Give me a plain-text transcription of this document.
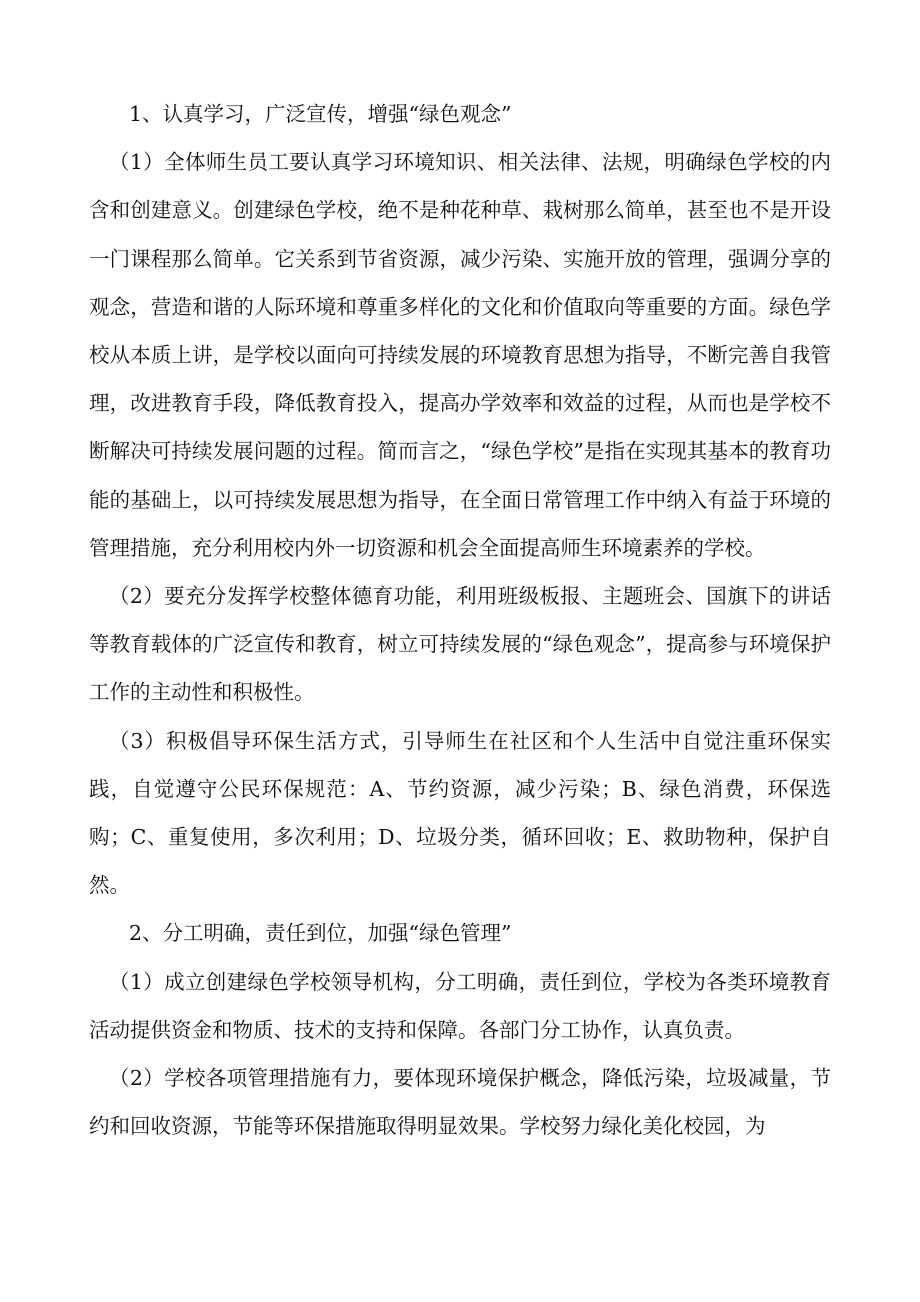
1、认真学习，广泛宣传，增强“绿色观念”

（1）全体师生员工要认真学习环境知识、相关法律、法规，明确绿色学校的内含和创建意义。创建绿色学校，绝不是种花种草、栽树那么简单，甚至也不是开设一门课程那么简单。它关系到节省资源，减少污染、实施开放的管理，强调分享的观念，营造和谐的人际环境和尊重多样化的文化和价值取向等重要的方面。绿色学校从本质上讲，是学校以面向可持续发展的环境教育思想为指导，不断完善自我管理，改进教育手段，降低教育投入，提高办学效率和效益的过程，从而也是学校不断解决可持续发展问题的过程。简而言之，“绿色学校”是指在实现其基本的教育功能的基础上，以可持续发展思想为指导，在全面日常管理工作中纳入有益于环境的管理措施，充分利用校内外一切资源和机会全面提高师生环境素养的学校。

（2）要充分发挥学校整体德育功能，利用班级板报、主题班会、国旗下的讲话等教育载体的广泛宣传和教育，树立可持续发展的“绿色观念”，提高参与环境保护工作的主动性和积极性。

（3）积极倡导环保生活方式，引导师生在社区和个人生活中自觉注重环保实践，自觉遵守公民环保规范：A、节约资源，减少污染；B、绿色消费，环保选购；C、重复使用，多次利用；D、垃圾分类，循环回收；E、救助物种，保护自然。

2、分工明确，责任到位，加强“绿色管理”

（1）成立创建绿色学校领导机构，分工明确，责任到位，学校为各类环境教育活动提供资金和物质、技术的支持和保障。各部门分工协作，认真负责。

（2）学校各项管理措施有力，要体现环境保护概念，降低污染，垃圾减量，节约和回收资源，节能等环保措施取得明显效果。学校努力绿化美化校园，为
